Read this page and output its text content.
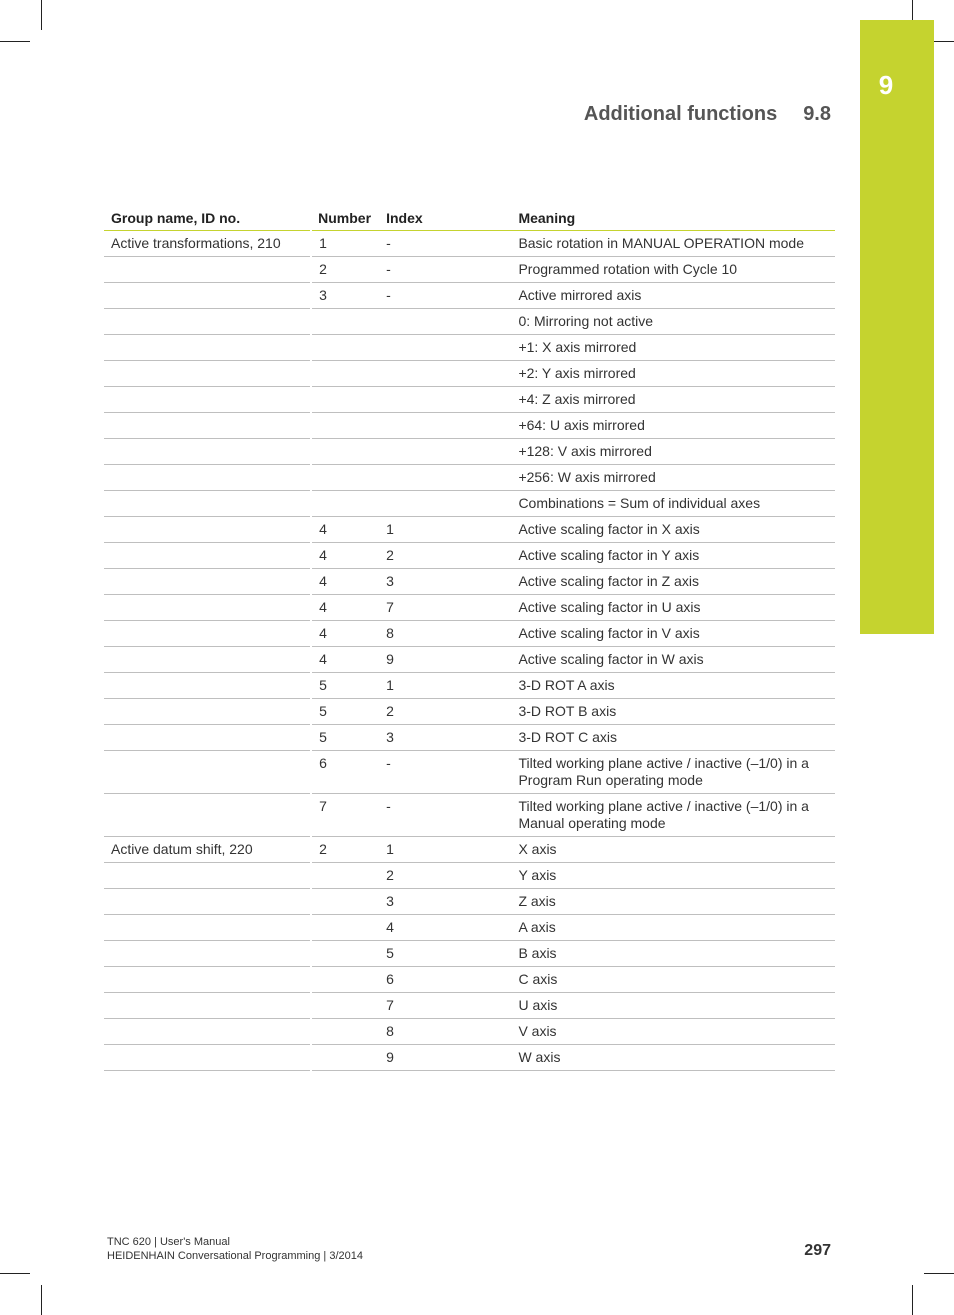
9
Additional functions 9.8
Group name, ID no.	Number	Index	Meaning
Active transformations, 210	1	-	Basic rotation in MANUAL OPERATION mode
	2	-	Programmed rotation with Cycle 10
	3	-	Active mirrored axis
			0: Mirroring not active
			+1: X axis mirrored
			+2: Y axis mirrored
			+4: Z axis mirrored
			+64: U axis mirrored
			+128: V axis mirrored
			+256: W axis mirrored
			Combinations = Sum of individual axes
	4	1	Active scaling factor in X axis
	4	2	Active scaling factor in Y axis
	4	3	Active scaling factor in Z axis
	4	7	Active scaling factor in U axis
	4	8	Active scaling factor in V axis
	4	9	Active scaling factor in W axis
	5	1	3-D ROT A axis
	5	2	3-D ROT B axis
	5	3	3-D ROT C axis
	6	-	Tilted working plane active / inactive (–1/0) in a Program Run operating mode
	7	-	Tilted working plane active / inactive (–1/0) in a Manual operating mode
Active datum shift, 220	2	1	X axis
		2	Y axis
		3	Z axis
		4	A axis
		5	B axis
		6	C axis
		7	U axis
		8	V axis
		9	W axis
TNC 620 | User's Manual
HEIDENHAIN Conversational Programming | 3/2014	297
